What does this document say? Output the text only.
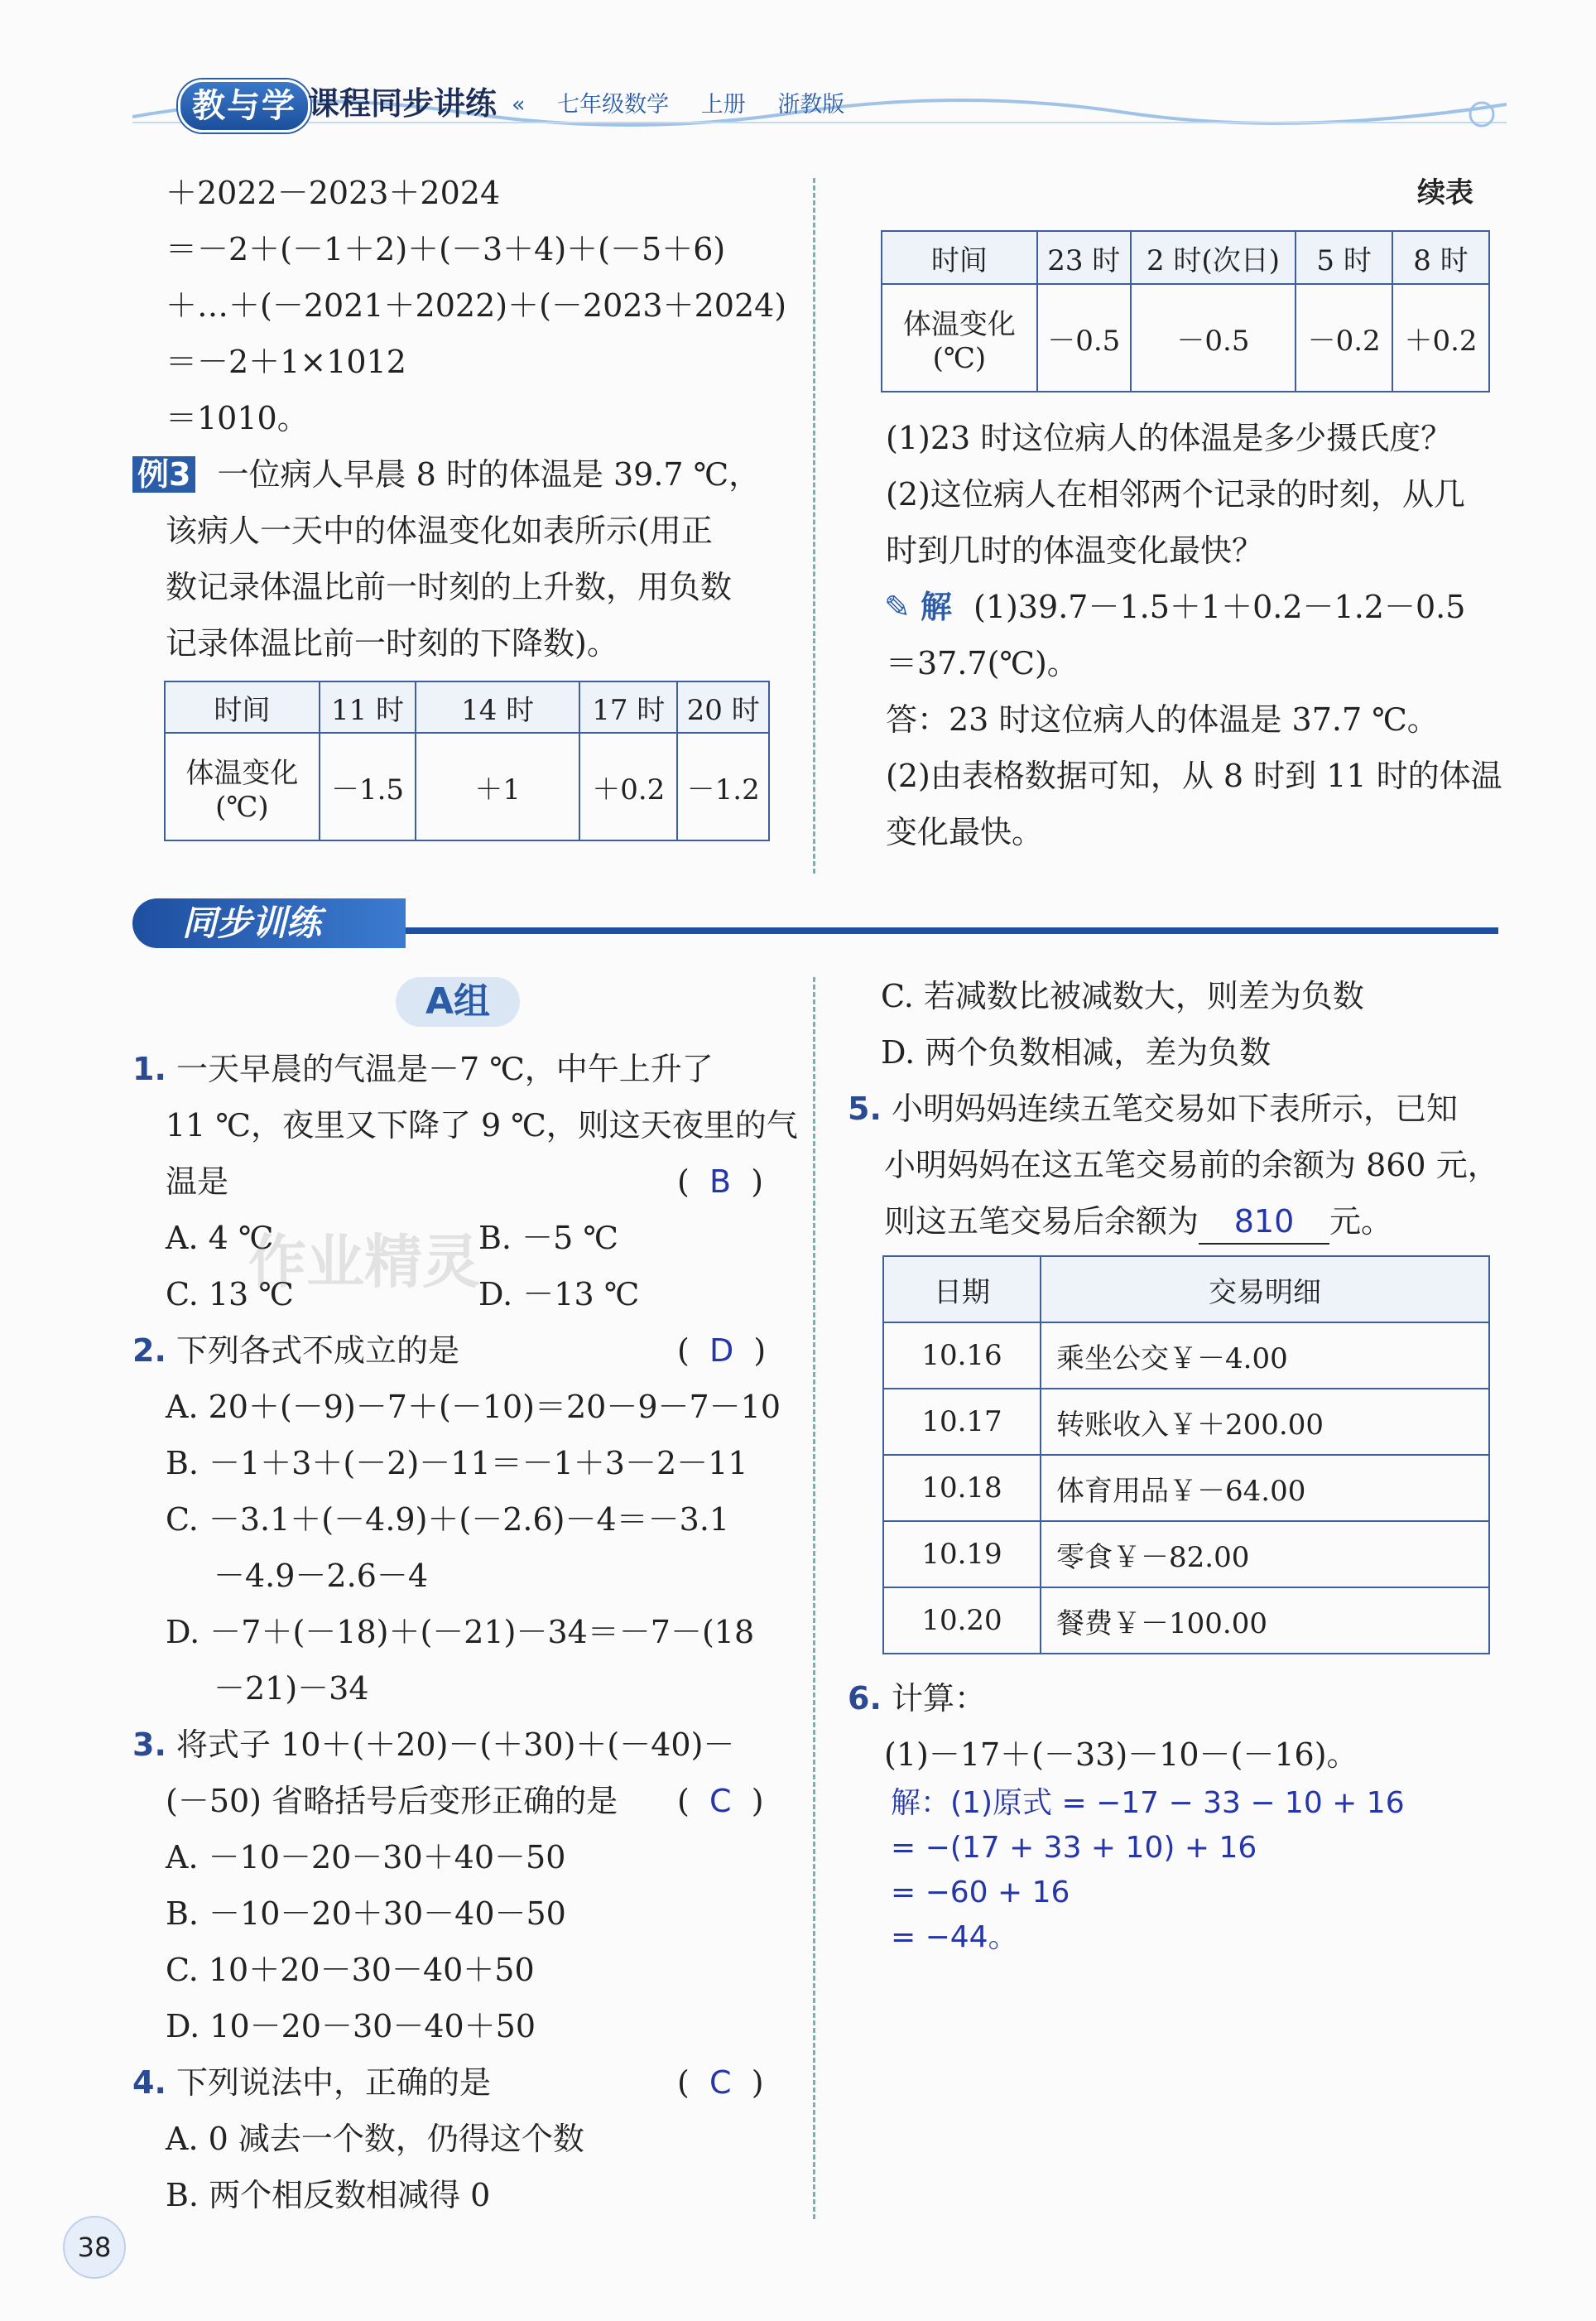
教与学 课程同步讲练 « 七年级数学 上册 浙教版
＋2022－2023＋2024
＝－2＋(－1＋2)＋(－3＋4)＋(－5＋6)
＋…＋(－2021＋2022)＋(－2023＋2024)
＝－2＋1×1012
＝1010。
例3 一位病人早晨 8 时的体温是 39.7 ℃，
该病人一天中的体温变化如表所示(用正
数记录体温比前一时刻的上升数，用负数
记录体温比前一时刻的下降数)。
时间	11 时	14 时	17 时	20 时

体温变化
(℃)	－1.5	＋1	＋0.2	－1.2
续表
时间	23 时	2 时(次日)	5 时	8 时

体温变化
(℃)	－0.5	－0.5	－0.2	＋0.2
(1)23 时这位病人的体温是多少摄氏度？
(2)这位病人在相邻两个记录的时刻，从几
时到几时的体温变化最快？
✎ 解 (1)39.7－1.5＋1＋0.2－1.2－0.5
＝37.7(℃)。
答：23 时这位病人的体温是 37.7 ℃。
(2)由表格数据可知，从 8 时到 11 时的体温
变化最快。
同步训练
A组
1. 一天早晨的气温是－7 ℃，中午上升了
11 ℃，夜里又下降了 9 ℃，则这天夜里的气
温是	(  B  )
A. 4 ℃	B. －5 ℃
C. 13 ℃	D. －13 ℃
作业精灵
2. 下列各式不成立的是	(  D  )
A. 20＋(－9)－7＋(－10)＝20－9－7－10
B. －1＋3＋(－2)－11＝－1＋3－2－11
C. －3.1＋(－4.9)＋(－2.6)－4＝－3.1
－4.9－2.6－4
D. －7＋(－18)＋(－21)－34＝－7－(18
－21)－34
3. 将式子 10＋(＋20)－(＋30)＋(－40)－
(－50) 省略括号后变形正确的是 (  C  )
A. －10－20－30＋40－50
B. －10－20＋30－40－50
C. 10＋20－30－40＋50
D. 10－20－30－40＋50
4. 下列说法中，正确的是	(  C  )
A. 0 减去一个数，仍得这个数
B. 两个相反数相减得 0
C. 若减数比被减数大，则差为负数
D. 两个负数相减，差为负数
5. 小明妈妈连续五笔交易如下表所示，已知
小明妈妈在这五笔交易前的余额为 860 元，
则这五笔交易后余额为 810 元。
日期	交易明细
10.16	乘坐公交￥－4.00
10.17	转账收入￥＋200.00
10.18	体育用品￥－64.00
10.19	零食￥－82.00
10.20	餐费￥－100.00
6. 计算：
(1)－17＋(－33)－10－(－16)。
解：(1)原式 = −17 − 33 − 10 + 16
= −(17 + 33 + 10) + 16
= −60 + 16
= −44。
38
